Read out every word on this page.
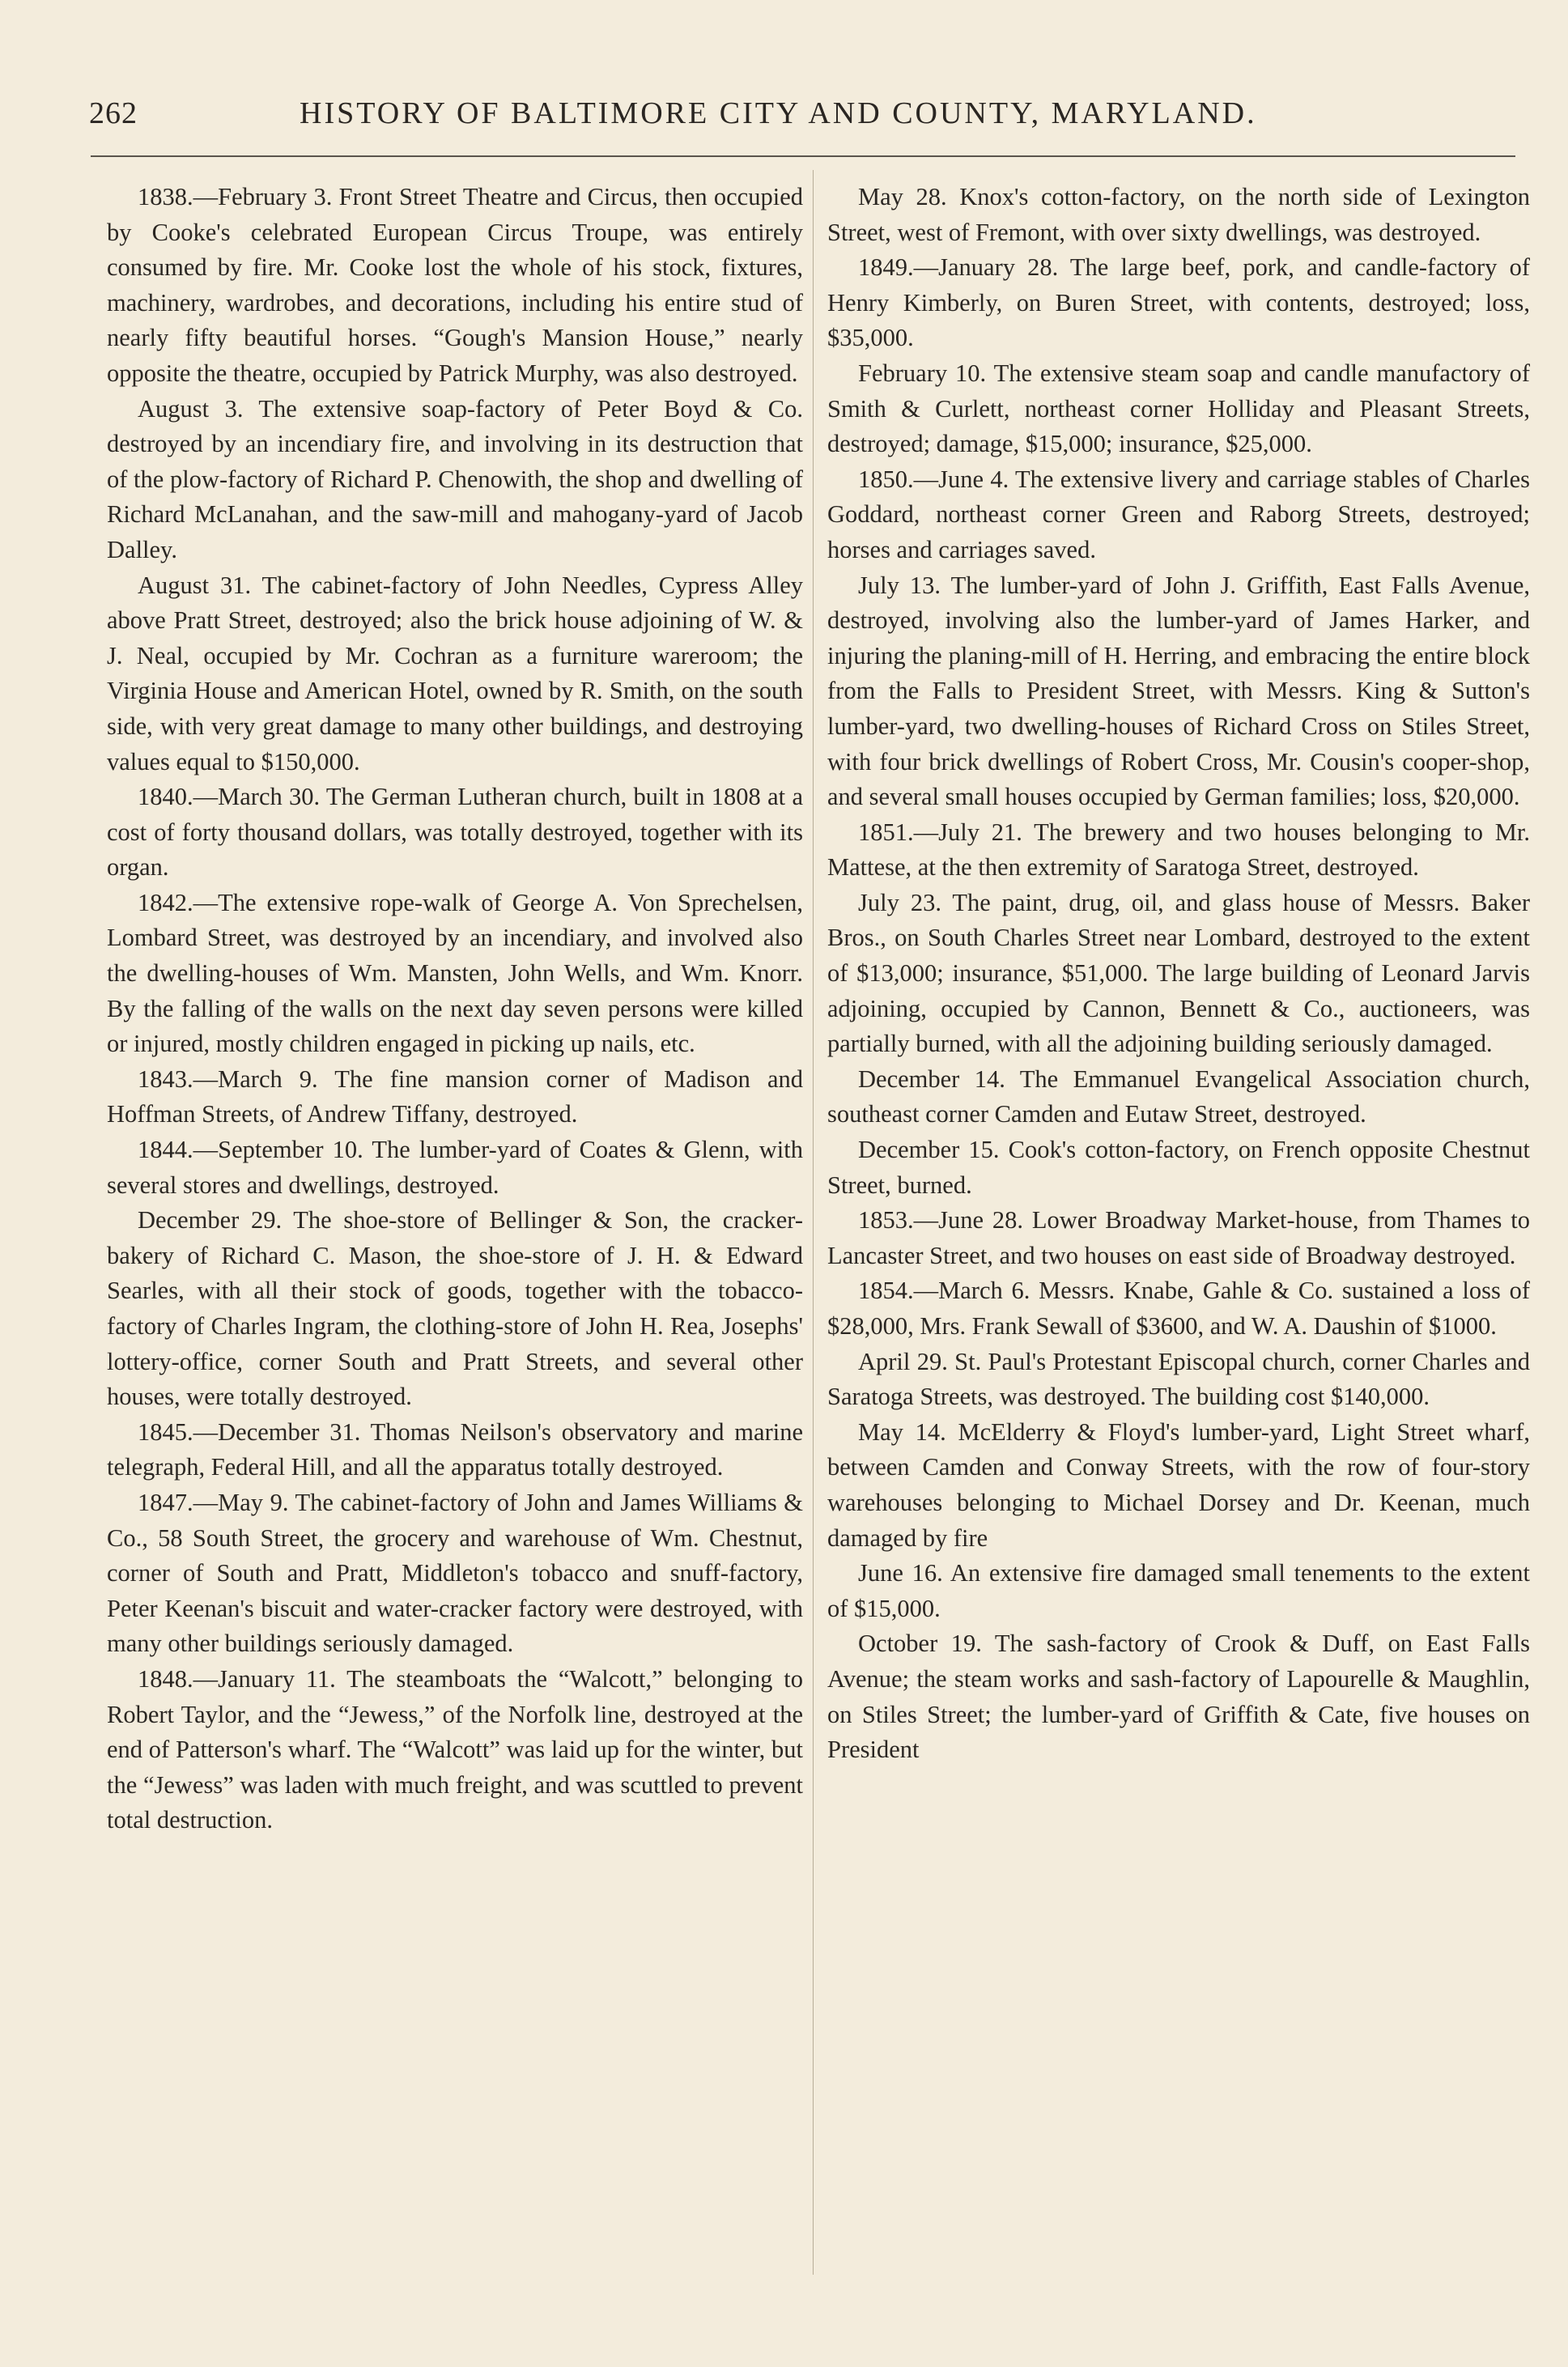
262	HISTORY OF BALTIMORE CITY AND COUNTY, MARYLAND.

1838.—February 3. Front Street Theatre and Circus, then occupied by Cooke's celebrated European Circus Troupe, was entirely consumed by fire. Mr. Cooke lost the whole of his stock, fixtures, machinery, wardrobes, and decorations, including his entire stud of nearly fifty beautiful horses. “Gough's Mansion House,” nearly opposite the theatre, occupied by Patrick Murphy, was also destroyed.

August 3. The extensive soap-factory of Peter Boyd & Co. destroyed by an incendiary fire, and involving in its destruction that of the plow-factory of Richard P. Chenowith, the shop and dwelling of Richard McLanahan, and the saw-mill and mahogany-yard of Jacob Dalley.

August 31. The cabinet-factory of John Needles, Cypress Alley above Pratt Street, destroyed; also the brick house adjoining of W. & J. Neal, occupied by Mr. Cochran as a furniture wareroom; the Virginia House and American Hotel, owned by R. Smith, on the south side, with very great damage to many other buildings, and destroying values equal to $150,000.

1840.—March 30. The German Lutheran church, built in 1808 at a cost of forty thousand dollars, was totally destroyed, together with its organ.

1842.—The extensive rope-walk of George A. Von Sprechelsen, Lombard Street, was destroyed by an incendiary, and involved also the dwelling-houses of Wm. Mansten, John Wells, and Wm. Knorr. By the falling of the walls on the next day seven persons were killed or injured, mostly children engaged in picking up nails, etc.

1843.—March 9. The fine mansion corner of Madison and Hoffman Streets, of Andrew Tiffany, destroyed.

1844.—September 10. The lumber-yard of Coates & Glenn, with several stores and dwellings, destroyed.

December 29. The shoe-store of Bellinger & Son, the cracker-bakery of Richard C. Mason, the shoe-store of J. H. & Edward Searles, with all their stock of goods, together with the tobacco-factory of Charles Ingram, the clothing-store of John H. Rea, Josephs' lottery-office, corner South and Pratt Streets, and several other houses, were totally destroyed.

1845.—December 31. Thomas Neilson's observatory and marine telegraph, Federal Hill, and all the apparatus totally destroyed.

1847.—May 9. The cabinet-factory of John and James Williams & Co., 58 South Street, the grocery and warehouse of Wm. Chestnut, corner of South and Pratt, Middleton's tobacco and snuff-factory, Peter Keenan's biscuit and water-cracker factory were destroyed, with many other buildings seriously damaged.

1848.—January 11. The steamboats the “Walcott,” belonging to Robert Taylor, and the “Jewess,” of the Norfolk line, destroyed at the end of Patterson's wharf. The “Walcott” was laid up for the winter, but the “Jewess” was laden with much freight, and was scuttled to prevent total destruction.

May 28. Knox's cotton-factory, on the north side of Lexington Street, west of Fremont, with over sixty dwellings, was destroyed.

1849.—January 28. The large beef, pork, and candle-factory of Henry Kimberly, on Buren Street, with contents, destroyed; loss, $35,000.

February 10. The extensive steam soap and candle manufactory of Smith & Curlett, northeast corner Holliday and Pleasant Streets, destroyed; damage, $15,000; insurance, $25,000.

1850.—June 4. The extensive livery and carriage stables of Charles Goddard, northeast corner Green and Raborg Streets, destroyed; horses and carriages saved.

July 13. The lumber-yard of John J. Griffith, East Falls Avenue, destroyed, involving also the lumber-yard of James Harker, and injuring the planing-mill of H. Herring, and embracing the entire block from the Falls to President Street, with Messrs. King & Sutton's lumber-yard, two dwelling-houses of Richard Cross on Stiles Street, with four brick dwellings of Robert Cross, Mr. Cousin's cooper-shop, and several small houses occupied by German families; loss, $20,000.

1851.—July 21. The brewery and two houses belonging to Mr. Mattese, at the then extremity of Saratoga Street, destroyed.

July 23. The paint, drug, oil, and glass house of Messrs. Baker Bros., on South Charles Street near Lombard, destroyed to the extent of $13,000; insurance, $51,000. The large building of Leonard Jarvis adjoining, occupied by Cannon, Bennett & Co., auctioneers, was partially burned, with all the adjoining building seriously damaged.

December 14. The Emmanuel Evangelical Association church, southeast corner Camden and Eutaw Street, destroyed.

December 15. Cook's cotton-factory, on French opposite Chestnut Street, burned.

1853.—June 28. Lower Broadway Market-house, from Thames to Lancaster Street, and two houses on east side of Broadway destroyed.

1854.—March 6. Messrs. Knabe, Gahle & Co. sustained a loss of $28,000, Mrs. Frank Sewall of $3600, and W. A. Daushin of $1000.

April 29. St. Paul's Protestant Episcopal church, corner Charles and Saratoga Streets, was destroyed. The building cost $140,000.

May 14. McElderry & Floyd's lumber-yard, Light Street wharf, between Camden and Conway Streets, with the row of four-story warehouses belonging to Michael Dorsey and Dr. Keenan, much damaged by fire

June 16. An extensive fire damaged small tenements to the extent of $15,000.

October 19. The sash-factory of Crook & Duff, on East Falls Avenue; the steam works and sash-factory of Lapourelle & Maughlin, on Stiles Street; the lumber-yard of Griffith & Cate, five houses on President
